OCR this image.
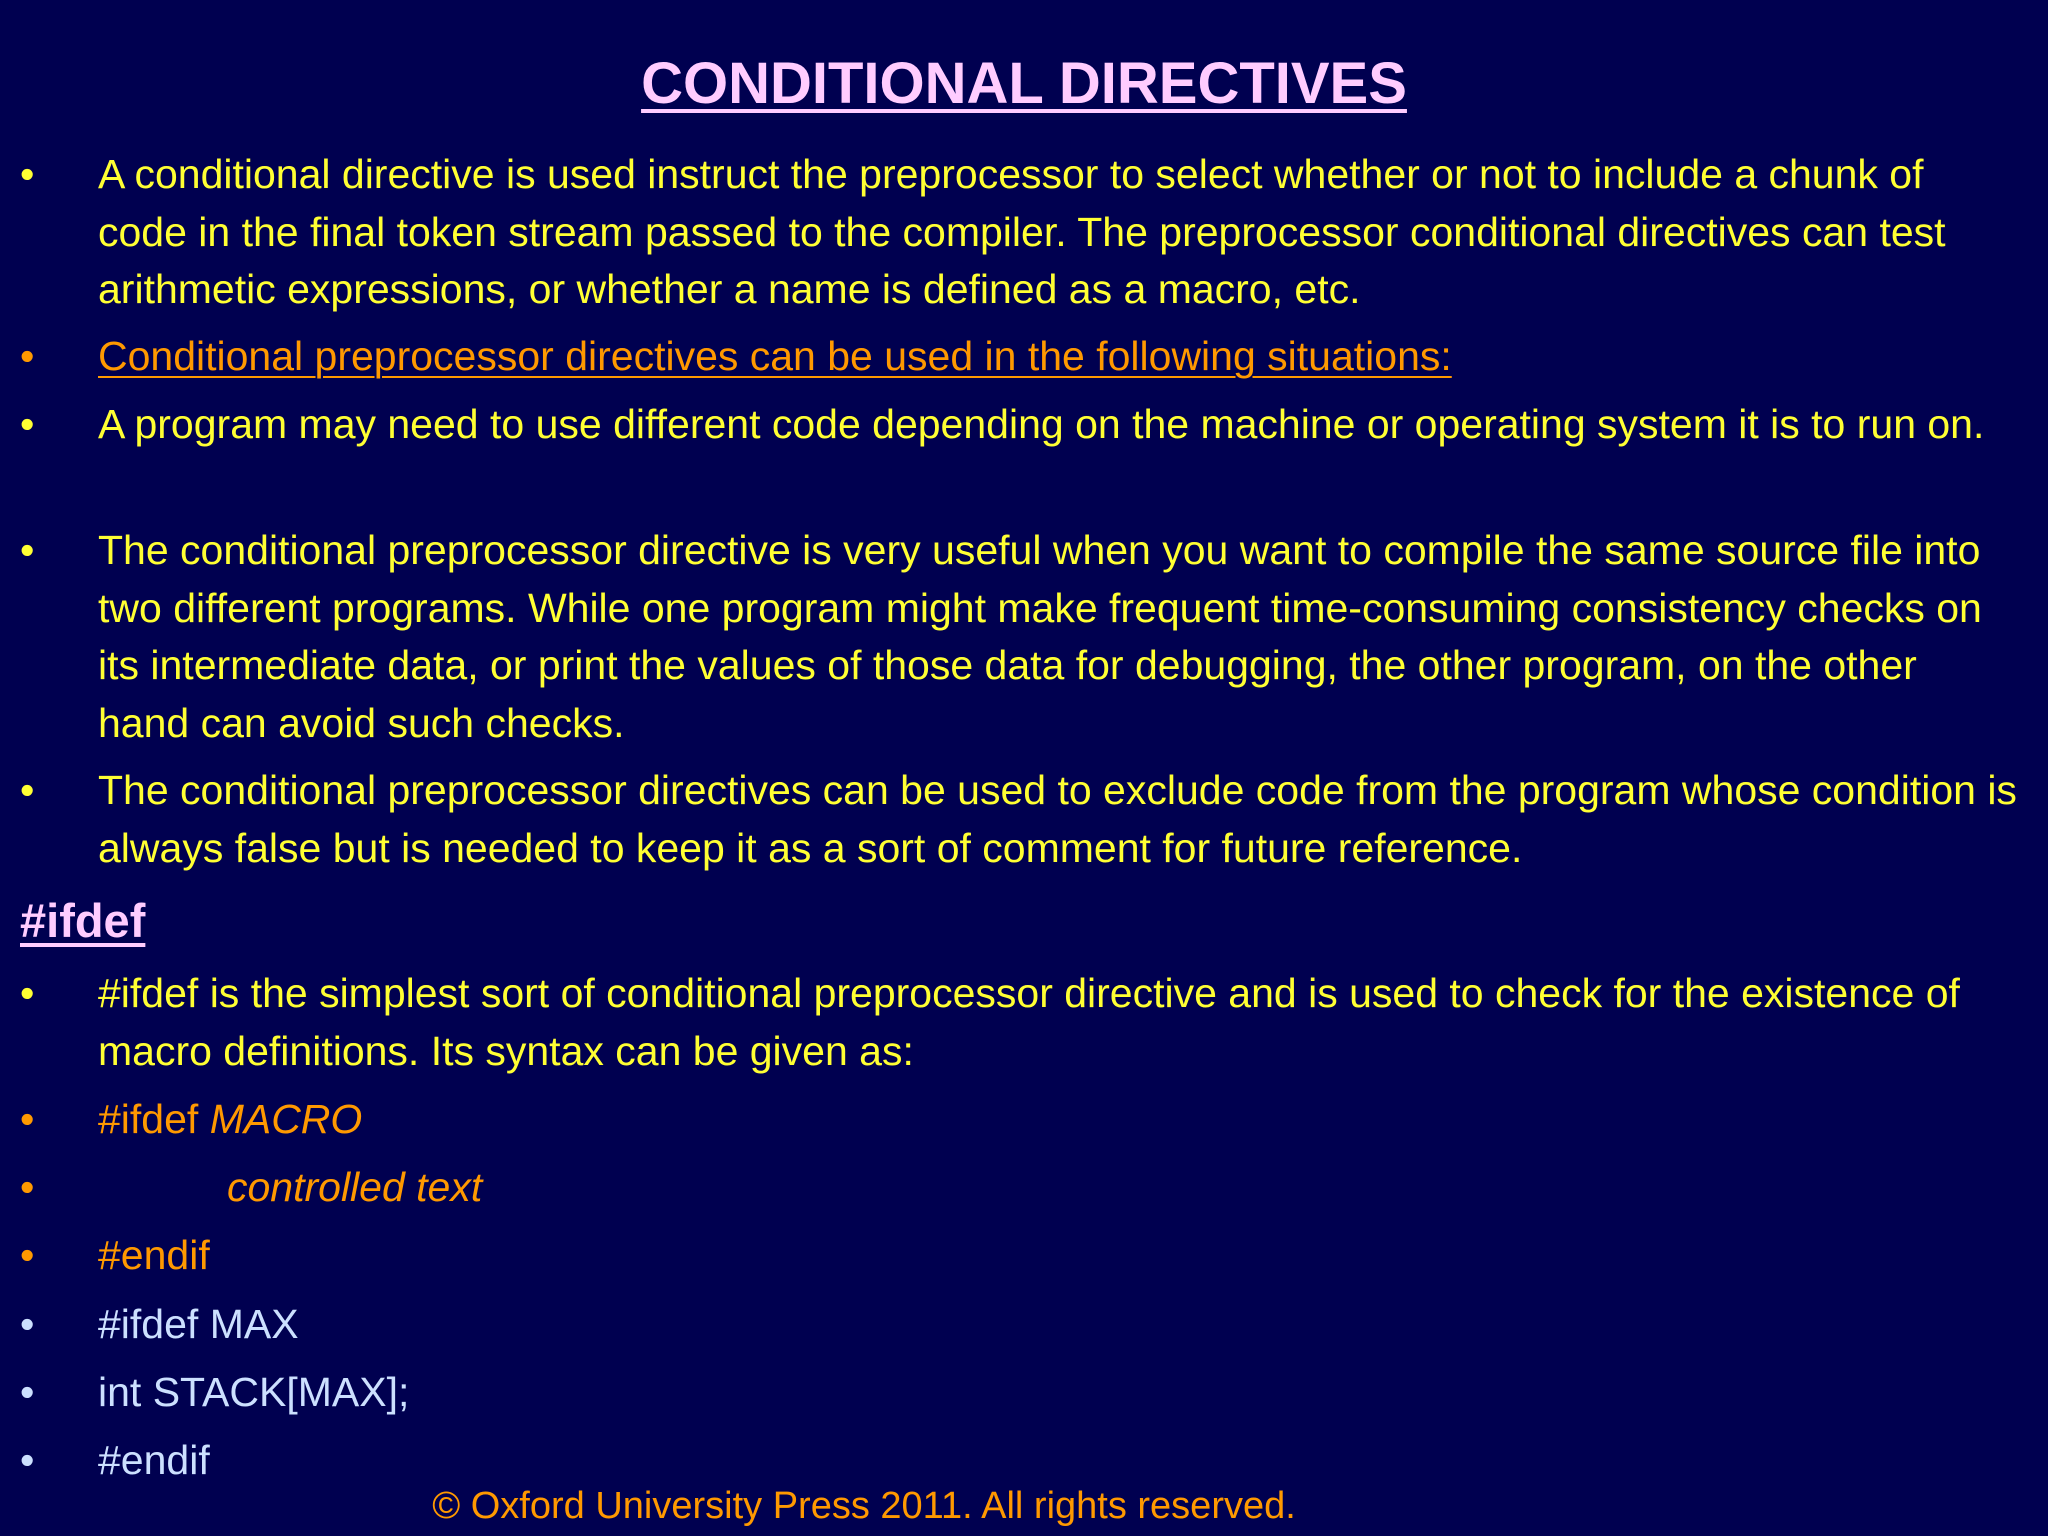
CONDITIONAL DIRECTIVES
• A conditional directive is used instruct the preprocessor to select whether or not to include a chunk of code in the final token stream passed to the compiler. The preprocessor conditional directives can test arithmetic expressions, or whether a name is defined as a macro, etc.
• Conditional preprocessor directives can be used in the following situations:
• A program may need to use different code depending on the machine or operating system it is to run on.
• The conditional preprocessor directive is very useful when you want to compile the same source file into two different programs. While one program might make frequent time-consuming consistency checks on its intermediate data, or print the values of those data for debugging, the other program, on the other hand can avoid such checks.
• The conditional preprocessor directives can be used to exclude code from the program whose condition is always false but is needed to keep it as a sort of comment for future reference.
#ifdef
• #ifdef is the simplest sort of conditional preprocessor directive and is used to check for the existence of macro definitions. Its syntax can be given as:
• #ifdef MACRO
•	controlled text
• #endif
• #ifdef MAX
• int STACK[MAX];
• #endif
© Oxford University Press 2011. All rights reserved.
